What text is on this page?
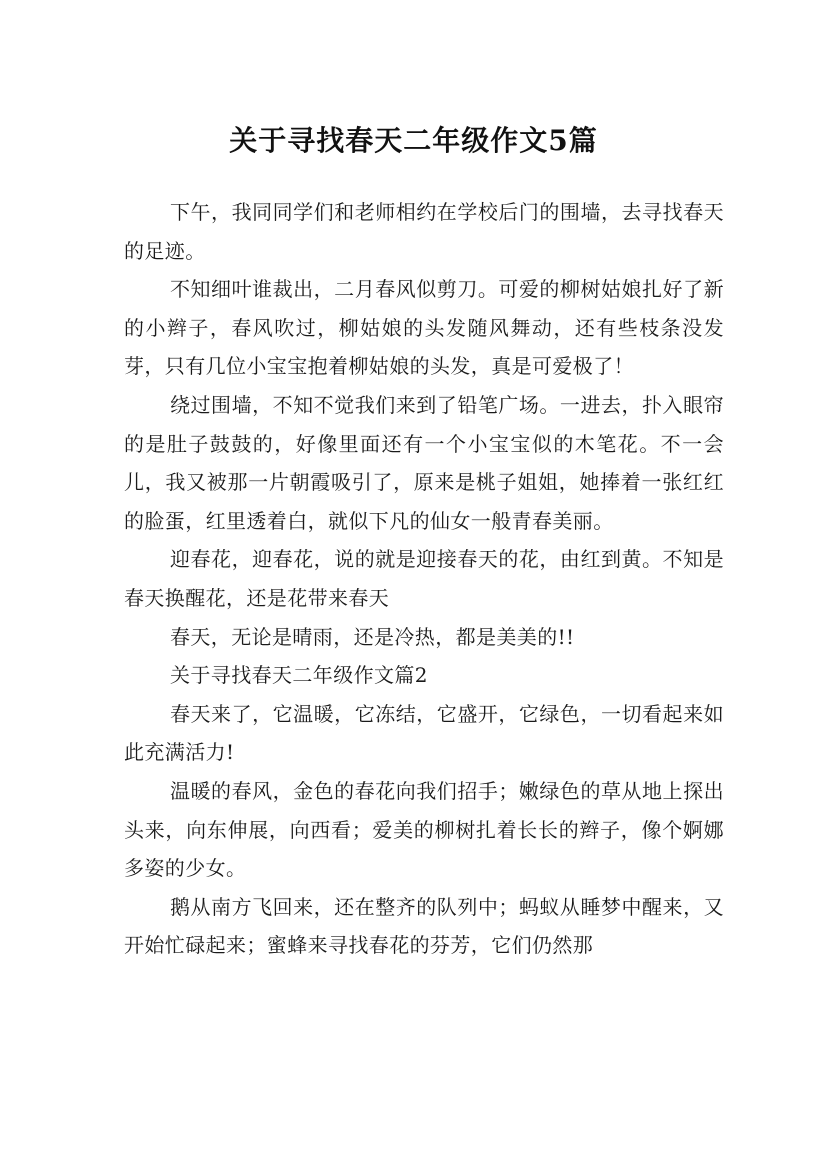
关于寻找春天二年级作文5篇

下午，我同同学们和老师相约在学校后门的围墙，去寻找春天的足迹。

不知细叶谁裁出，二月春风似剪刀。可爱的柳树姑娘扎好了新的小辫子，春风吹过，柳姑娘的头发随风舞动，还有些枝条没发芽，只有几位小宝宝抱着柳姑娘的头发，真是可爱极了！

绕过围墙，不知不觉我们来到了铅笔广场。一进去，扑入眼帘的是肚子鼓鼓的，好像里面还有一个小宝宝似的木笔花。不一会儿，我又被那一片朝霞吸引了，原来是桃子姐姐，她捧着一张红红的脸蛋，红里透着白，就似下凡的仙女一般青春美丽。

迎春花，迎春花，说的就是迎接春天的花，由红到黄。不知是春天换醒花，还是花带来春天

春天，无论是晴雨，还是冷热，都是美美的!!

关于寻找春天二年级作文篇2

春天来了，它温暖，它冻结，它盛开，它绿色，一切看起来如此充满活力!

温暖的春风，金色的春花向我们招手；嫩绿色的草从地上探出头来，向东伸展，向西看；爱美的柳树扎着长长的辫子，像个婀娜多姿的少女。

鹅从南方飞回来，还在整齐的队列中；蚂蚁从睡梦中醒来，又开始忙碌起来；蜜蜂来寻找春花的芬芳，它们仍然那
